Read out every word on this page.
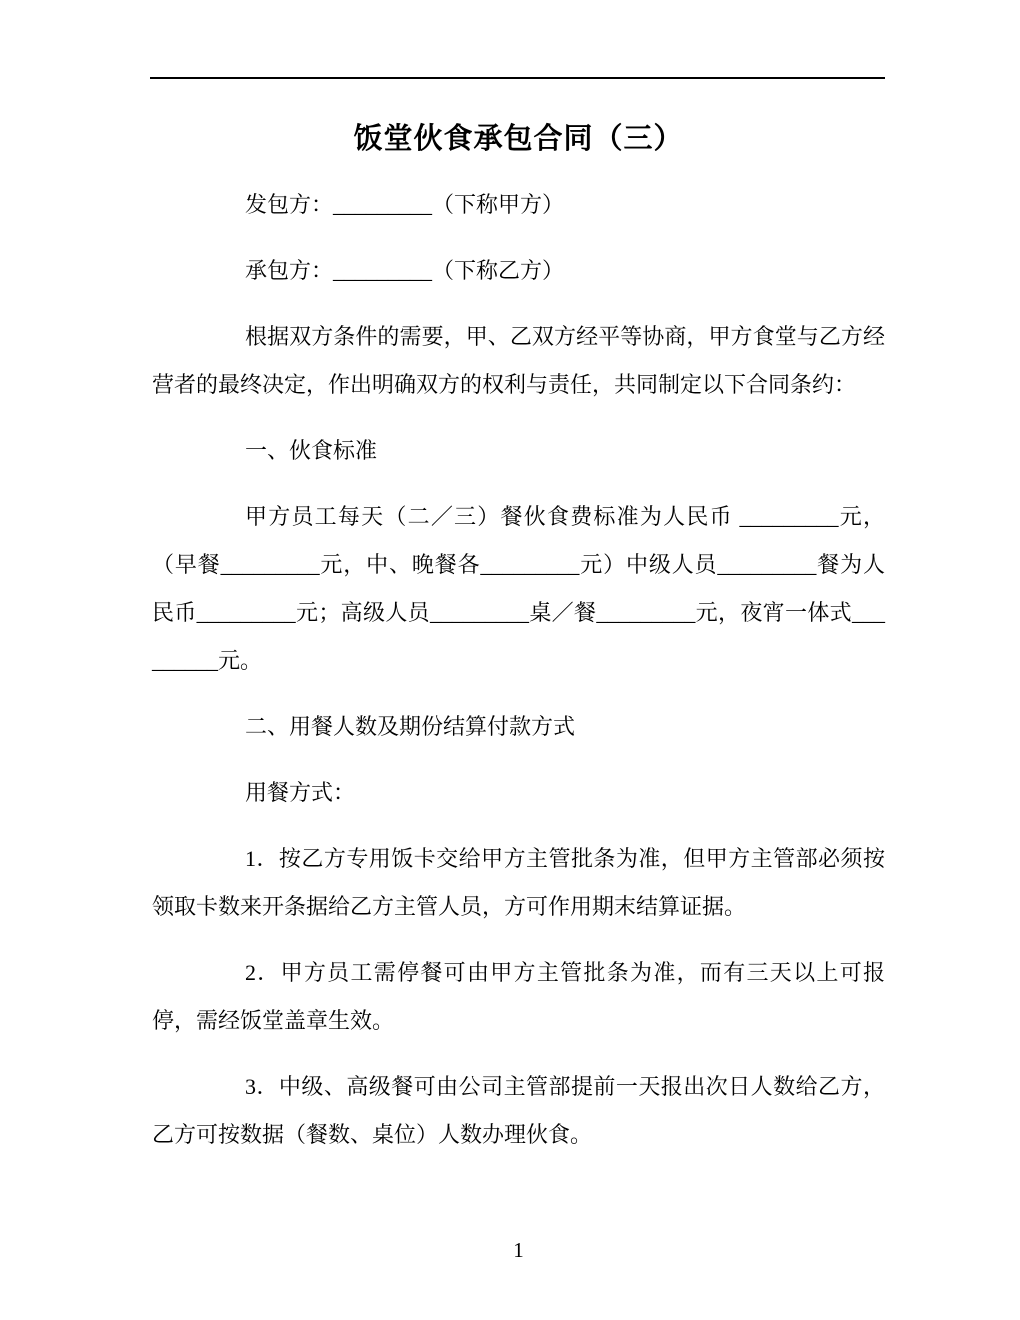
饭堂伙食承包合同（三）

发包方：_________（下称甲方）

承包方：_________（下称乙方）

根据双方条件的需要，甲、乙双方经平等协商，甲方食堂与乙方经营者的最终决定，作出明确双方的权利与责任，共同制定以下合同条约：

一、伙食标准

甲方员工每天（二／三）餐伙食费标准为人民币 _________元，（早餐_________元，中、晚餐各_________元）中级人员_________餐为人民币_________元；高级人员_________桌／餐_________元，夜宵一体式_________元。

二、用餐人数及期份结算付款方式

用餐方式：

1．按乙方专用饭卡交给甲方主管批条为准，但甲方主管部必须按领取卡数来开条据给乙方主管人员，方可作用期末结算证据。

2．甲方员工需停餐可由甲方主管批条为准，而有三天以上可报停，需经饭堂盖章生效。

3．中级、高级餐可由公司主管部提前一天报出次日人数给乙方，乙方可按数据（餐数、桌位）人数办理伙食。

1
